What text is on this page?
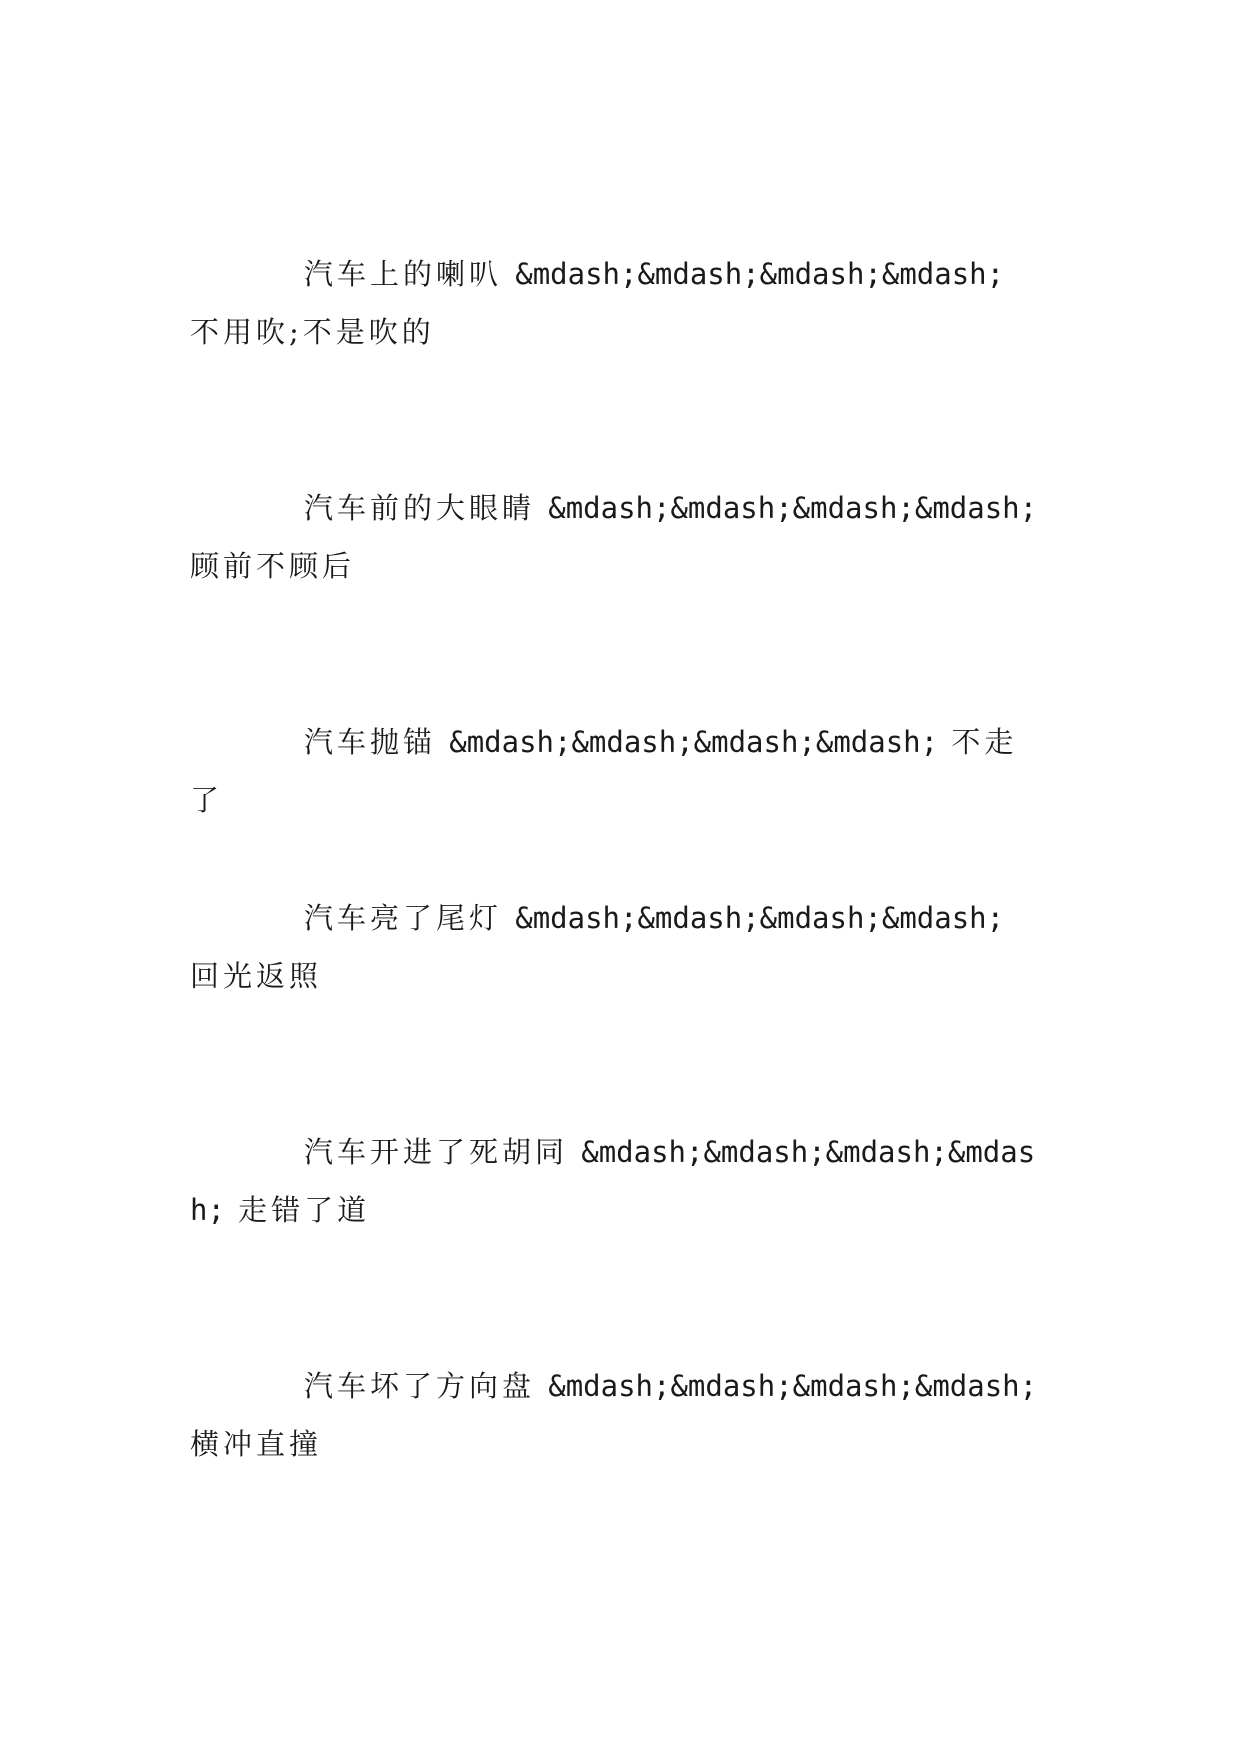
汽车上的喇叭 &mdash;&mdash;&mdash;&mdash; 不用吹;不是吹的

汽车前的大眼睛 &mdash;&mdash;&mdash;&mdash; 顾前不顾后

汽车抛锚 &mdash;&mdash;&mdash;&mdash; 不走了

汽车亮了尾灯 &mdash;&mdash;&mdash;&mdash; 回光返照

汽车开进了死胡同 &mdash;&mdash;&mdash;&mdash; 走错了道

汽车坏了方向盘 &mdash;&mdash;&mdash;&mdash; 横冲直撞
